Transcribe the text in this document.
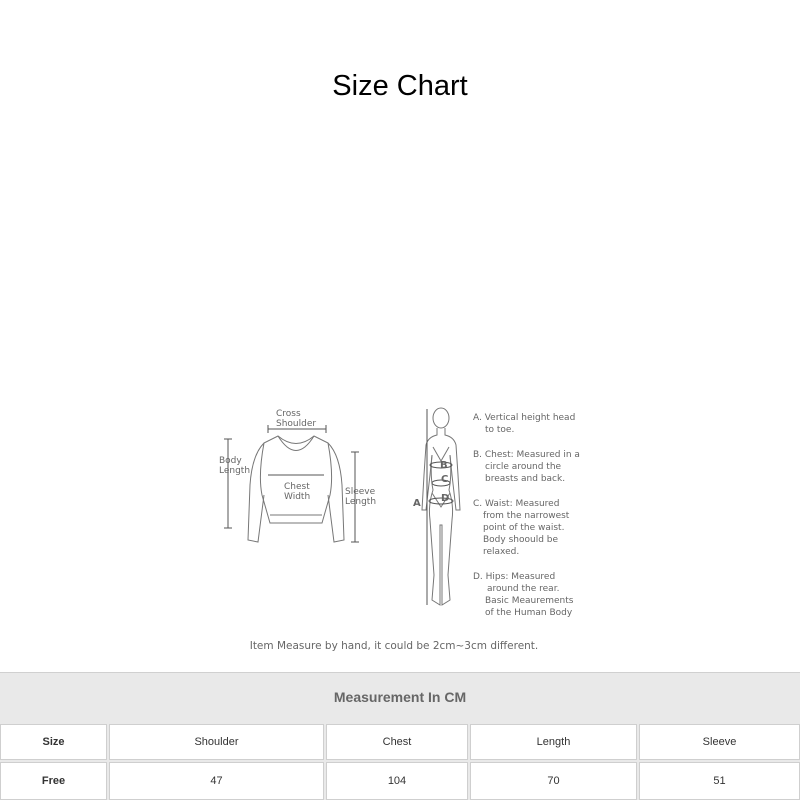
Size Chart
Cross
Shoulder
Body
Length
Chest
Width	Sleeve
Length	A
B
C
D
A. Vertical height head
to toe.
B. Chest: Measured in a
circle around the
breasts and back.
C. Waist: Measured
from the narrowest
point of the waist.
Body shoould be
relaxed.
D. Hips: Measured
around the rear.
Basic Meaurements
of the Human Body
Item Measure by hand, it could be 2cm~3cm different.
Measurement In CM
Size	Shoulder	Chest	Length	Sleeve
Free	47	104	70	51
